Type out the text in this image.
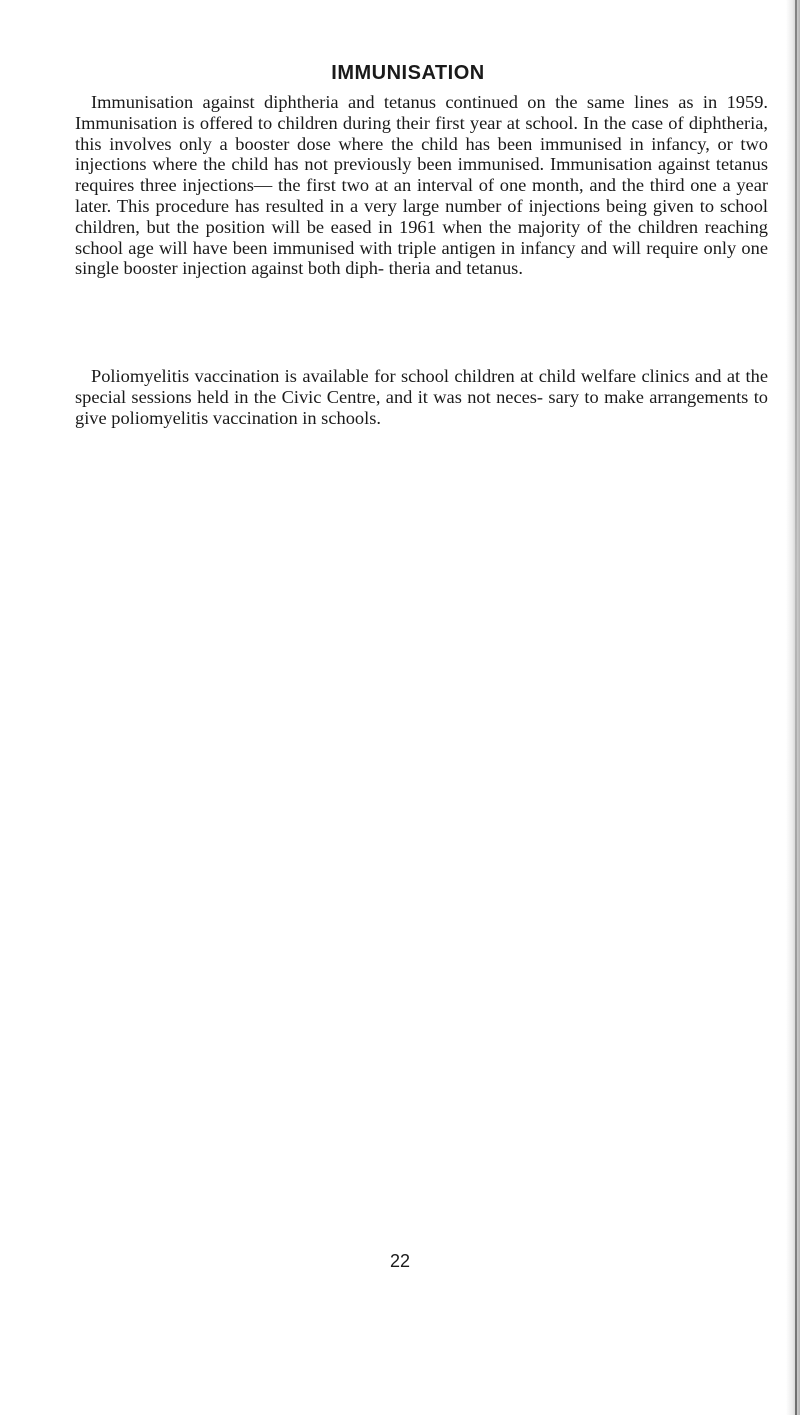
IMMUNISATION

Immunisation against diphtheria and tetanus continued on the same lines as in 1959. Immunisation is offered to children during their first year at school. In the case of diphtheria, this involves only a booster dose where the child has been immunised in infancy, or two injections where the child has not previously been immunised. Immunisation against tetanus requires three injections— the first two at an interval of one month, and the third one a year later. This procedure has resulted in a very large number of injections being given to school children, but the position will be eased in 1961 when the majority of the children reaching school age will have been immunised with triple antigen in infancy and will require only one single booster injection against both diph- theria and tetanus.

Poliomyelitis vaccination is available for school children at child welfare clinics and at the special sessions held in the Civic Centre, and it was not neces- sary to make arrangements to give poliomyelitis vaccination in schools.

22
